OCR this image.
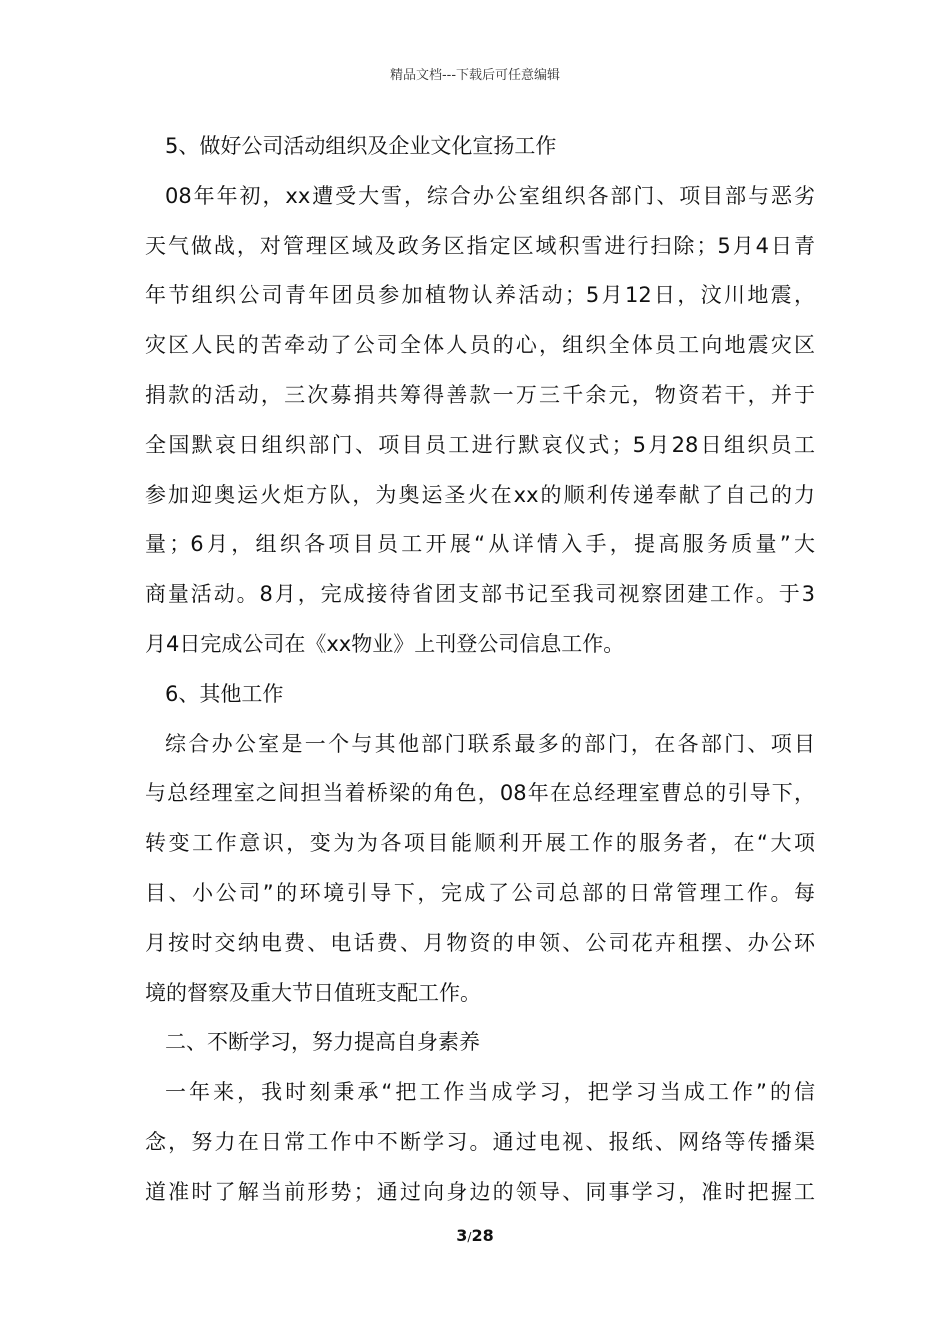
精品文档---下载后可任意编辑
5、做好公司活动组织及企业文化宣扬工作
08年年初，xx遭受大雪，综合办公室组织各部门、项目部与恶劣
天气做战，对管理区域及政务区指定区域积雪进行扫除；5月4日青
年节组织公司青年团员参加植物认养活动；5月12日，汶川地震，
灾区人民的苦牵动了公司全体人员的心，组织全体员工向地震灾区
捐款的活动，三次募捐共筹得善款一万三千余元，物资若干，并于
全国默哀日组织部门、项目员工进行默哀仪式；5月28日组织员工
参加迎奥运火炬方队，为奥运圣火在xx的顺利传递奉献了自己的力
量；6月，组织各项目员工开展“从详情入手，提高服务质量”大
商量活动。8月，完成接待省团支部书记至我司视察团建工作。于3
月4日完成公司在《xx物业》上刊登公司信息工作。
6、其他工作
综合办公室是一个与其他部门联系最多的部门，在各部门、项目
与总经理室之间担当着桥梁的角色，08年在总经理室曹总的引导下，
转变工作意识，变为为各项目能顺利开展工作的服务者，在“大项
目、小公司”的环境引导下，完成了公司总部的日常管理工作。每
月按时交纳电费、电话费、月物资的申领、公司花卉租摆、办公环
境的督察及重大节日值班支配工作。
二、不断学习，努力提高自身素养
一年来，我时刻秉承“把工作当成学习，把学习当成工作”的信
念，努力在日常工作中不断学习。通过电视、报纸、网络等传播渠
道准时了解当前形势；通过向身边的领导、同事学习，准时把握工
3/28
